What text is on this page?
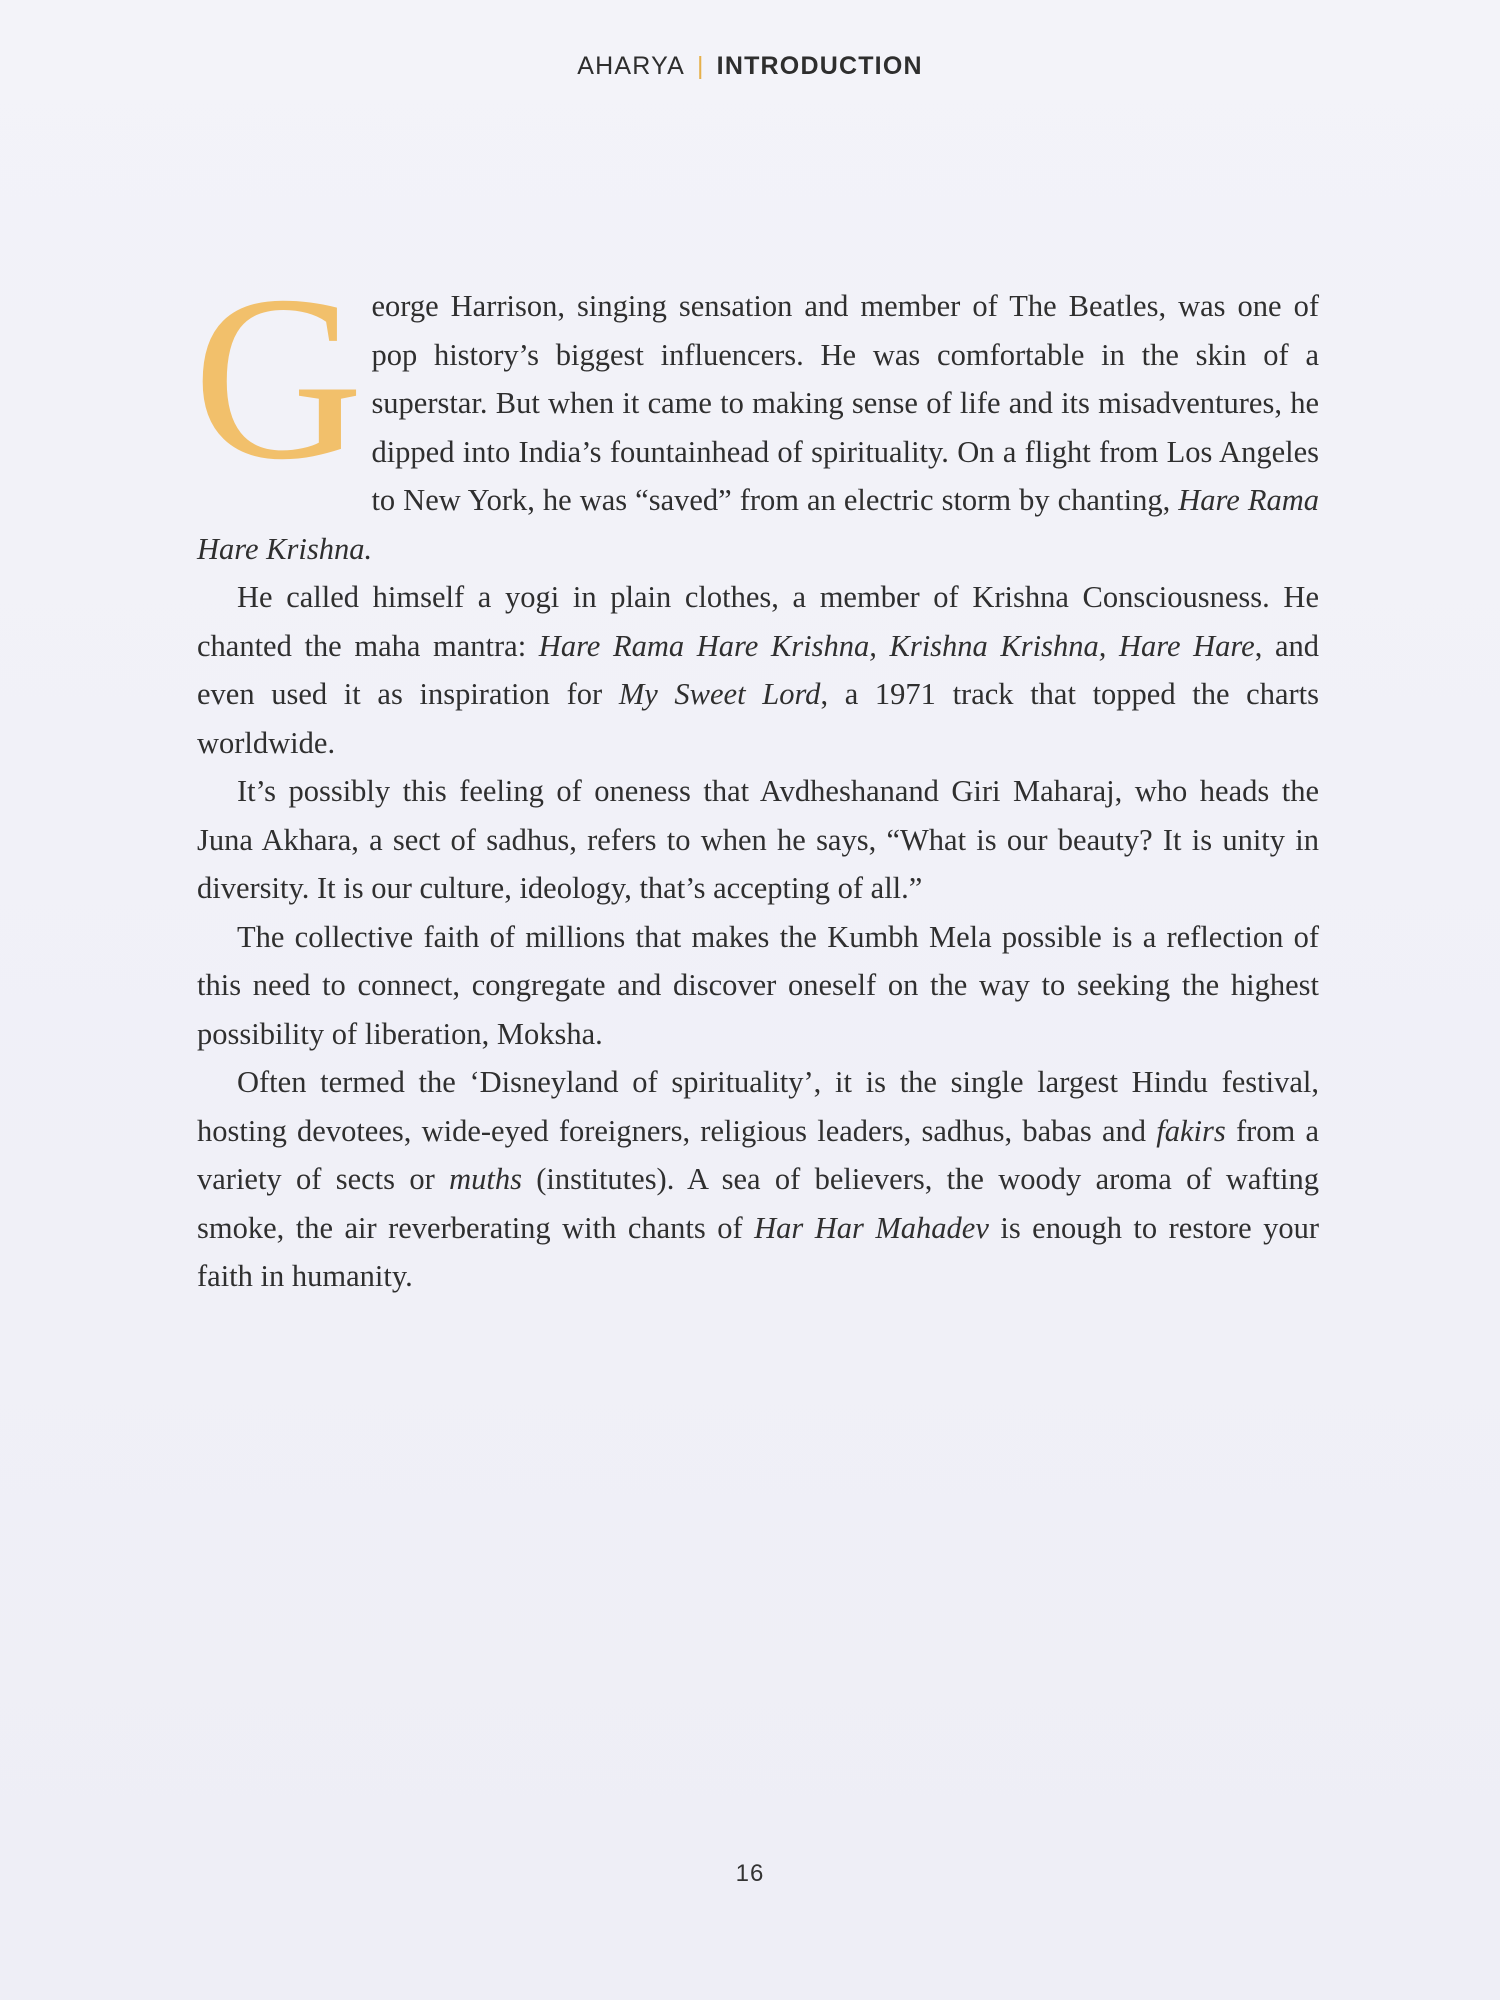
AHARYA | INTRODUCTION

George Harrison, singing sensation and member of The Beatles, was one of pop history’s biggest influencers. He was comfortable in the skin of a superstar. But when it came to making sense of life and its misadventures, he dipped into India’s fountainhead of spirituality. On a flight from Los Angeles to New York, he was “saved” from an electric storm by chanting, Hare Rama Hare Krishna.

He called himself a yogi in plain clothes, a member of Krishna Consciousness. He chanted the maha mantra: Hare Rama Hare Krishna, Krishna Krishna, Hare Hare, and even used it as inspiration for My Sweet Lord, a 1971 track that topped the charts worldwide.

It’s possibly this feeling of oneness that Avdheshanand Giri Maharaj, who heads the Juna Akhara, a sect of sadhus, refers to when he says, “What is our beauty? It is unity in diversity. It is our culture, ideology, that’s accepting of all.”

The collective faith of millions that makes the Kumbh Mela possible is a reflection of this need to connect, congregate and discover oneself on the way to seeking the highest possibility of liberation, Moksha.

Often termed the ‘Disneyland of spirituality’, it is the single largest Hindu festival, hosting devotees, wide-eyed foreigners, religious leaders, sadhus, babas and fakirs from a variety of sects or muths (institutes). A sea of believers, the woody aroma of wafting smoke, the air reverberating with chants of Har Har Mahadev is enough to restore your faith in humanity.

16
